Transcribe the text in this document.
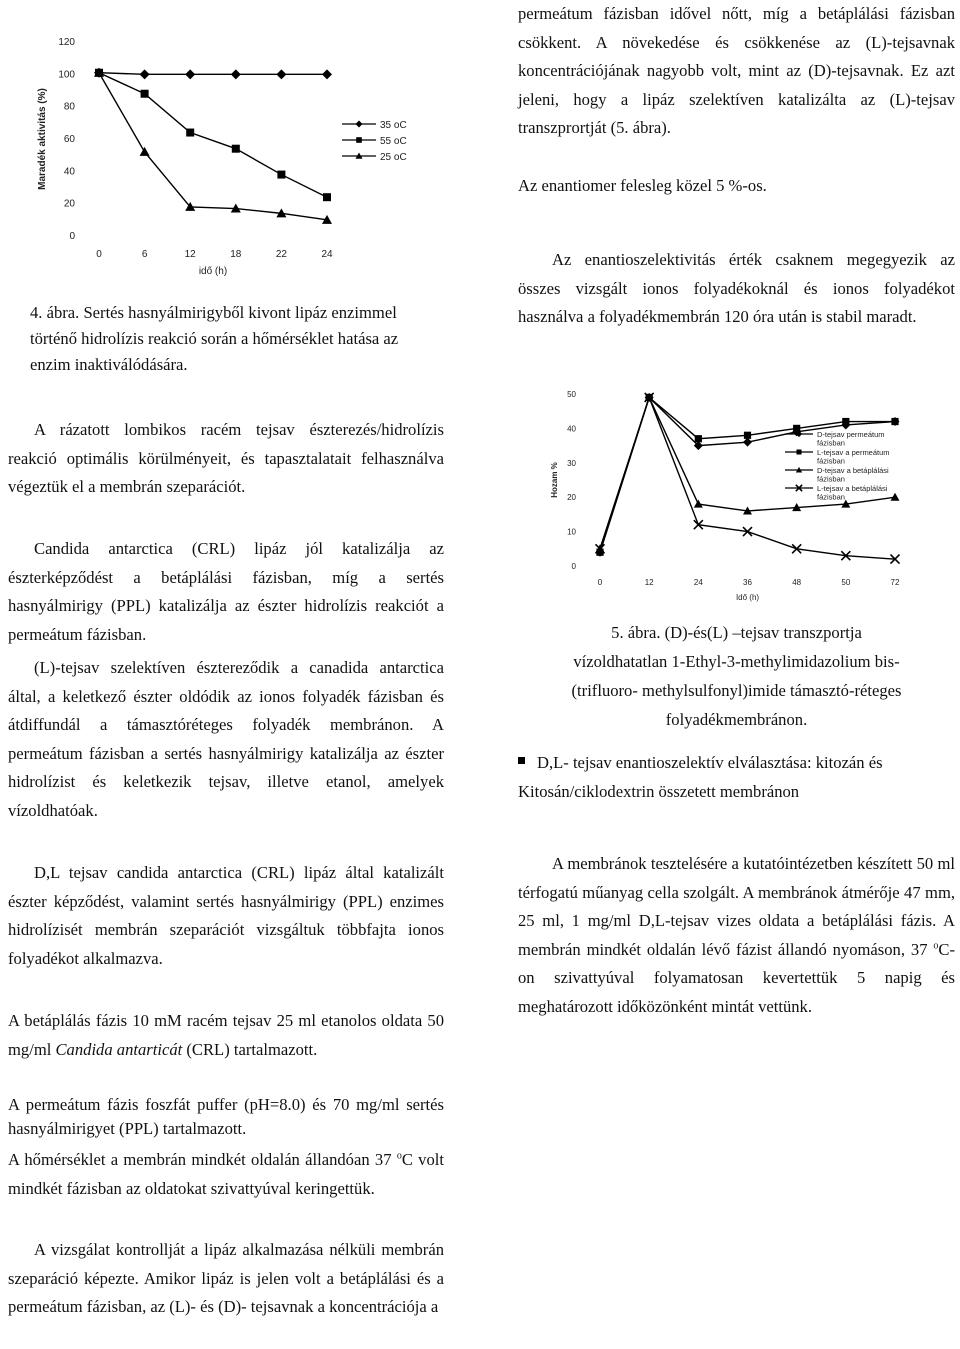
0
20
40
60
80
100
120
0	6	12	18	22	24
idő (h)
Maradék aktivitás (%)	35 oC
55 oC
25 oC

4. ábra. Sertés hasnyálmirigyből kivont lipáz enzimmel történő hidrolízis reakció során a hőmérséklet hatása az enzim inaktiválódására.

A rázatott lombikos racém tejsav észterezés/hidrolízis reakció optimális körülményeit, és tapasztalatait felhasználva végeztük el a membrán szeparációt.

Candida antarctica (CRL) lipáz jól katalizálja az észterképződést a betáplálási fázisban, míg a sertés hasnyálmirigy (PPL) katalizálja az észter hidrolízis reakciót a permeátum fázisban.

(L)-tejsav szelektíven észtereződik a canadida antarctica által, a keletkező észter oldódik az ionos folyadék fázisban és átdiffundál a támasztóréteges folyadék membránon. A permeátum fázisban a sertés hasnyálmirigy katalizálja az észter hidrolízist és keletkezik tejsav, illetve etanol, amelyek vízoldhatóak.

D,L tejsav candida antarctica (CRL) lipáz által katalizált észter képződést, valamint sertés hasnyálmirigy (PPL) enzimes hidrolízisét membrán szeparációt vizsgáltuk többfajta ionos folyadékot alkalmazva.

A betáplálás fázis 10 mM racém tejsav 25 ml etanolos oldata 50 mg/ml Candida antarticát (CRL) tartalmazott.

A permeátum fázis foszfát puffer (pH=8.0) és 70 mg/ml sertés hasnyálmirigyet (PPL) tartalmazott.

A hőmérséklet a membrán mindkét oldalán állandóan 37 $^o$C volt mindkét fázisban az oldatokat szivattyúval keringettük.

A vizsgálat kontrollját a lipáz alkalmazása nélküli membrán szeparáció képezte. Amikor lipáz is jelen volt a betáplálási és a permeátum fázisban, az (L)- és (D)- tejsavnak a koncentrációja a

permeátum fázisban idővel nőtt, míg a betáplálási fázisban csökkent. A növekedése és csökkenése az (L)-tejsavnak koncentrációjának nagyobb volt, mint az (D)-tejsavnak. Ez azt jeleni, hogy a lipáz szelektíven katalizálta az (L)-tejsav transzprortját (5. ábra).

Az enantiomer felesleg közel 5 %-os.

Az enantioszelektivitás érték csaknem megegyezik az összes vizsgált ionos folyadékoknál és ionos folyadékot használva a folyadékmembrán 120 óra után is stabil maradt.

0
10
20
30
40
50
0	12	24	36	48	50	72
Idő (h)
Hozam %
D-tejsav permeátum
fázisban
L-tejsav a permeátum
fázisban
D-tejsav a betáplálási
fázisban
L-tejsav a betáplálási
fázisban
5. ábra. (D)-és(L) –tejsav transzportja
vízoldhatatlan 1-Ethyl-3-methylimidazolium bis-
(trifluoro- methylsulfonyl)imide támasztó-réteges
folyadékmembránon.

D,L- tejsav enantioszelektív elválasztása: kitozán és Kitosán/ciklodextrin összetett membránon

A membránok tesztelésére a kutatóintézetben készített 50 ml térfogatú műanyag cella szolgált. A membránok átmérője 47 mm, 25 ml, 1 mg/ml D,L-tejsav vizes oldata a betáplálási fázis. A membrán mindkét oldalán lévő fázist állandó nyomáson, 37 $^o$C-on szivattyúval folyamatosan kevertettük 5 napig és meghatározott időközönként mintát vettünk.
